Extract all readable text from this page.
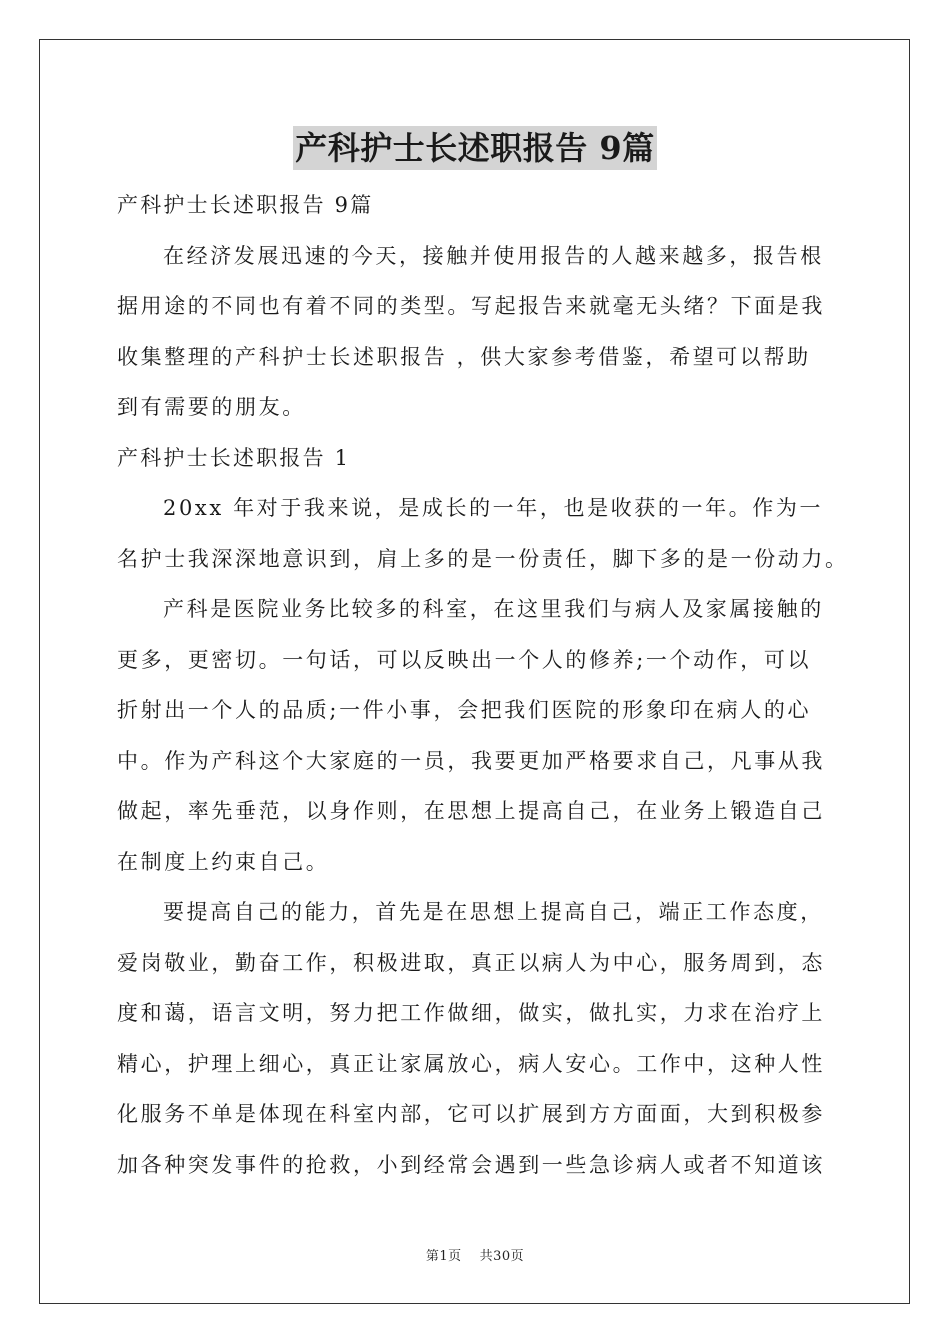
产科护士长述职报告 9篇
产科护士长述职报告 9篇
在经济发展迅速的今天，接触并使用报告的人越来越多，报告根
据用途的不同也有着不同的类型。写起报告来就毫无头绪？下面是我
收集整理的产科护士长述职报告 ，供大家参考借鉴，希望可以帮助
到有需要的朋友。
产科护士长述职报告 1
20xx 年对于我来说，是成长的一年，也是收获的一年。作为一
名护士我深深地意识到，肩上多的是一份责任，脚下多的是一份动力。
产科是医院业务比较多的科室，在这里我们与病人及家属接触的
更多，更密切。一句话，可以反映出一个人的修养;一个动作，可以
折射出一个人的品质;一件小事，会把我们医院的形象印在病人的心
中。作为产科这个大家庭的一员，我要更加严格要求自己，凡事从我
做起，率先垂范，以身作则，在思想上提高自己，在业务上锻造自己
在制度上约束自己。
要提高自己的能力，首先是在思想上提高自己，端正工作态度，
爱岗敬业，勤奋工作，积极进取，真正以病人为中心，服务周到，态
度和蔼，语言文明，努力把工作做细，做实，做扎实，力求在治疗上
精心，护理上细心，真正让家属放心，病人安心。工作中，这种人性
化服务不单是体现在科室内部，它可以扩展到方方面面，大到积极参
加各种突发事件的抢救，小到经常会遇到一些急诊病人或者不知道该
第1页 共30页
